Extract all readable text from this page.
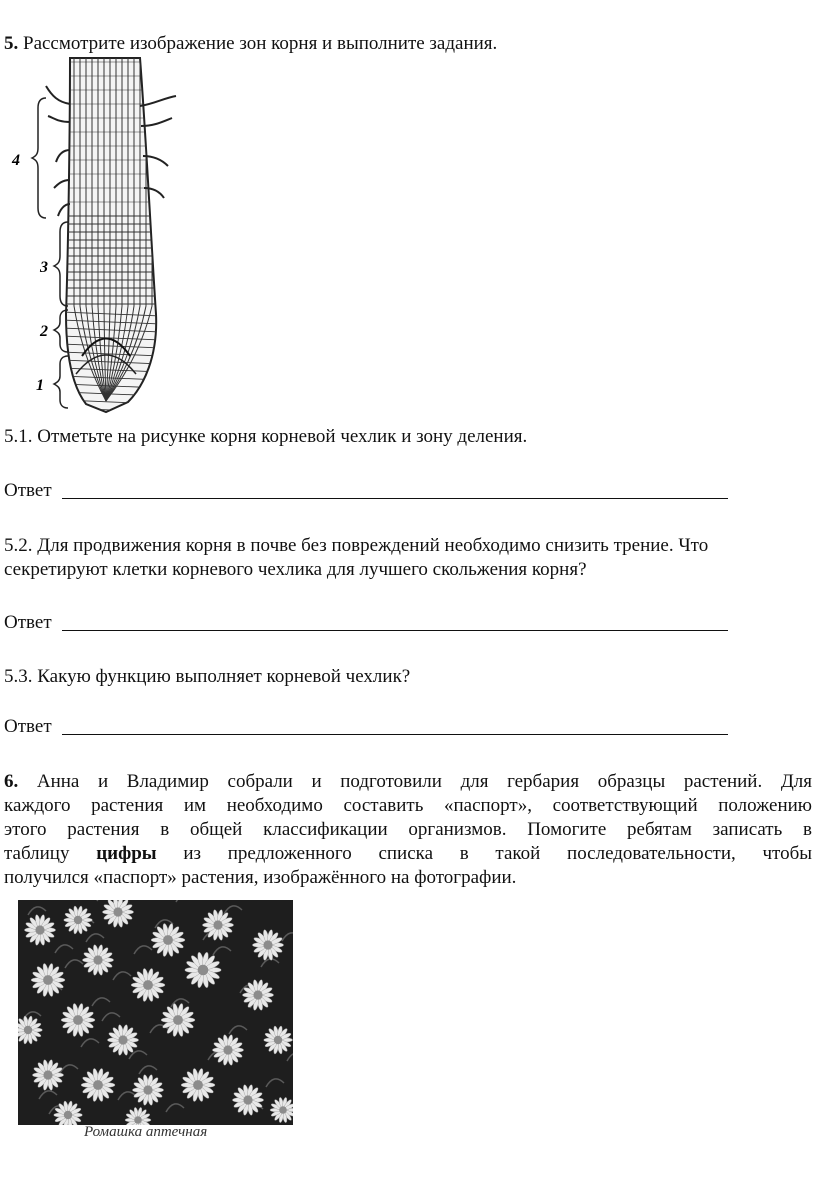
5. Рассмотрите изображение зон корня и выполните задания.
4
3
2
1
5.1. Отметьте на рисунке корня корневой чехлик и зону деления.
Ответ
5.2. Для продвижения корня в почве без повреждений необходимо снизить трение. Что
секретируют клетки корневого чехлика для лучшего скольжения корня?
Ответ
5.3. Какую функцию выполняет корневой чехлик?
Ответ

6. Анна и Владимир собрали и подготовили для гербария образцы растений. Для

каждого растения им необходимо составить «паспорт», соответствующий положению

этого растения в общей классификации организмов. Помогите ребятам записать в

таблицу цифры из предложенного списка в такой последовательности, чтобы

получился «паспорт» растения, изображённого на фотографии.

Ромашка аптечная
